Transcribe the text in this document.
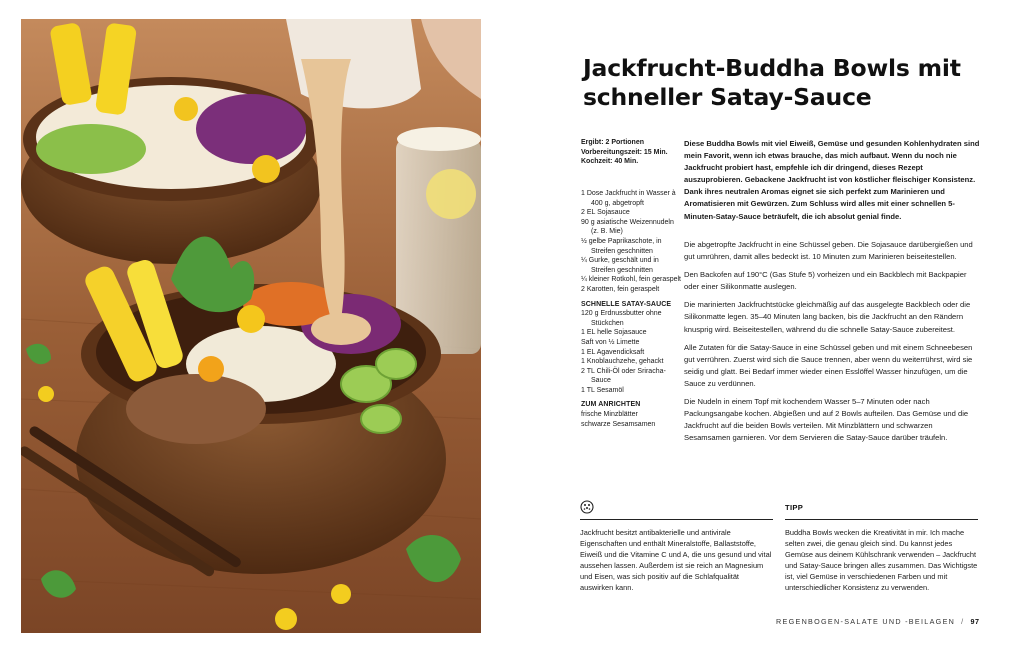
Jackfrucht-Buddha Bowls mit
schneller Satay-Sauce
Ergibt: 2 Portionen
Vorbereitungszeit: 15 Min.
Kochzeit: 40 Min.
1 Dose Jackfrucht in Wasser à 400 g, abgetropft
2 EL Sojasauce
90 g asiatische Weizennudeln (z. B. Mie)
½ gelbe Paprikaschote, in Streifen geschnitten
¼ Gurke, geschält und in Streifen geschnitten
¼ kleiner Rotkohl, fein geraspelt
2 Karotten, fein geraspelt
SCHNELLE SATAY-SAUCE
120 g Erdnussbutter ohne Stückchen
1 EL helle Sojasauce
Saft von ½ Limette
1 EL Agavendicksaft
1 Knoblauchzehe, gehackt
2 TL Chili-Öl oder Sriracha-Sauce
1 TL Sesamöl
ZUM ANRICHTEN
frische Minzblätter
schwarze Sesamsamen

Diese Buddha Bowls mit viel Eiweiß, Gemüse und gesunden Kohlenhydraten sind mein Favorit, wenn ich etwas brauche, das mich aufbaut. Wenn du noch nie Jackfrucht probiert hast, empfehle ich dir dringend, dieses Rezept auszuprobieren. Gebackene Jackfrucht ist von köstlicher fleischiger Konsistenz. Dank ihres neutralen Aromas eignet sie sich perfekt zum Marinieren und Aromatisieren mit Gewürzen. Zum Schluss wird alles mit einer schnellen 5-Minuten-Satay-Sauce beträufelt, die ich absolut genial finde.

Die abgetropfte Jackfrucht in eine Schüssel geben. Die Sojasauce darübergießen und gut umrühren, damit alles bedeckt ist. 10 Minuten zum Marinieren beiseitestellen.

Den Backofen auf 190°C (Gas Stufe 5) vorheizen und ein Backblech mit Backpapier oder einer Silikonmatte auslegen.

Die marinierten Jackfruchtstücke gleichmäßig auf das ausgelegte Backblech oder die Silikonmatte legen. 35–40 Minuten lang backen, bis die Jackfrucht an den Rändern knusprig wird. Beiseitestellen, während du die schnelle Satay-Sauce zubereitest.

Alle Zutaten für die Satay-Sauce in eine Schüssel geben und mit einem Schneebesen gut verrühren. Zuerst wird sich die Sauce trennen, aber wenn du weiterrührst, wird sie seidig und glatt. Bei Bedarf immer wieder einen Esslöffel Wasser hinzufügen, um die Sauce zu verdünnen.

Die Nudeln in einem Topf mit kochendem Wasser 5–7 Minuten oder nach Packungsangabe kochen. Abgießen und auf 2 Bowls aufteilen. Das Gemüse und die Jackfrucht auf die beiden Bowls verteilen. Mit Minzblättern und schwarzen Sesamsamen garnieren. Vor dem Servieren die Satay-Sauce darüber träufeln.

TIPP

Jackfrucht besitzt antibakterielle und antivirale Eigenschaften und enthält Mineralstoffe, Ballaststoffe, Eiweiß und die Vitamine C und A, die uns gesund und vital aussehen lassen. Außerdem ist sie reich an Magnesium und Eisen, was sich positiv auf die Schlafqualität auswirken kann.

Buddha Bowls wecken die Kreativität in mir. Ich mache selten zwei, die genau gleich sind. Du kannst jedes Gemüse aus deinem Kühlschrank verwenden – Jackfrucht und Satay-Sauce bringen alles zusammen. Das Wichtigste ist, viel Gemüse in verschiedenen Farben und mit unterschiedlicher Konsistenz zu verwenden.

REGENBOGEN-SALATE UND -BEILAGEN / 97
